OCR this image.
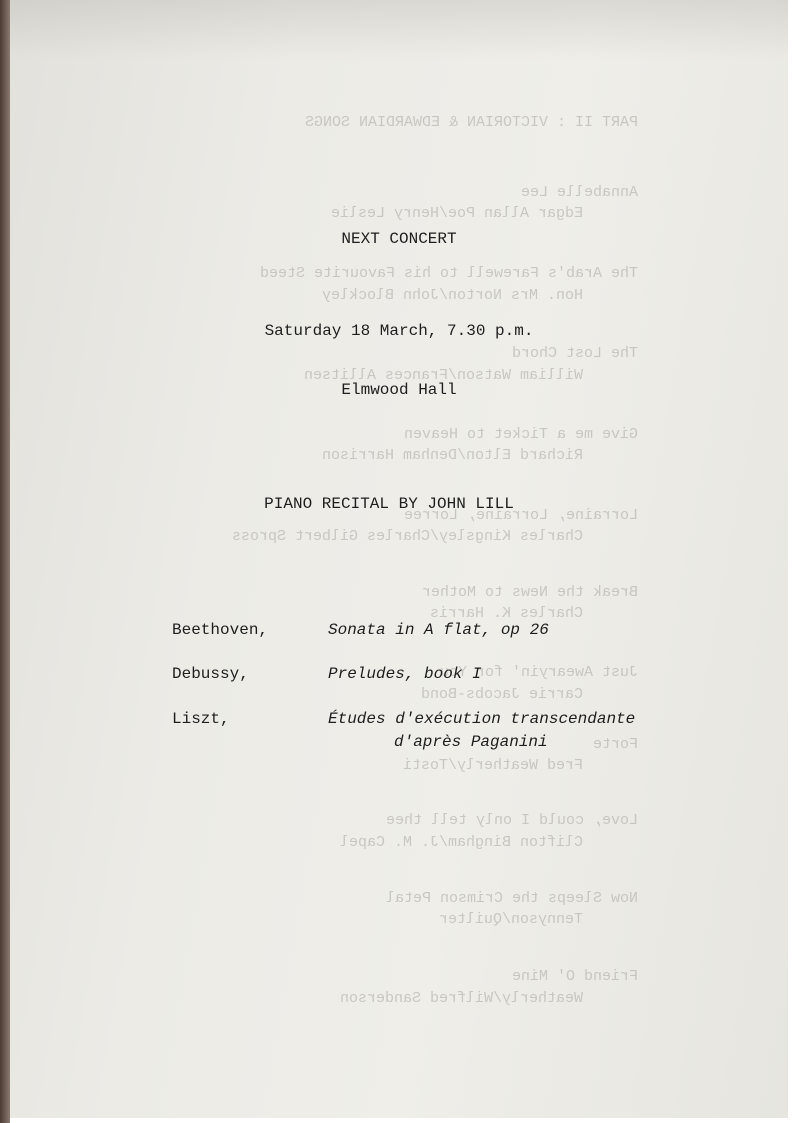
PART II : VICTORIAN & EDWARDIAN SONGS
Annabelle Lee
Edgar Allan Poe/Henry Leslie
The Arab's Farewell to his Favourite Steed
Hon. Mrs Norton/John Blockley
The Lost Chord
William Watson/Frances Allitsen
Give me a Ticket to Heaven
Richard Elton/Denham Harrison
Lorraine, Lorraine, Lorree
Charles Kingsley/Charles Gilbert Spross
Break the News to Mother
Charles K. Harris
Just Awearyin' for You
Carrie Jacobs-Bond
Forte
Fred Weatherly/Tosti
Love, could I only tell thee
Clifton Bingham/J. M. Capel
Now Sleeps the Crimson Petal
Tennyson/Quilter
Friend O' Mine
Weatherly/Wilfred Sanderson
NEXT CONCERT
Saturday 18 March, 7.30 p.m.
Elmwood Hall
PIANO RECITAL BY JOHN LILL
Beethoven,	Sonata in A flat, op 26
Debussy,	Preludes, book I
Liszt,	Études d'exécution transcendante
d'après Paganini
